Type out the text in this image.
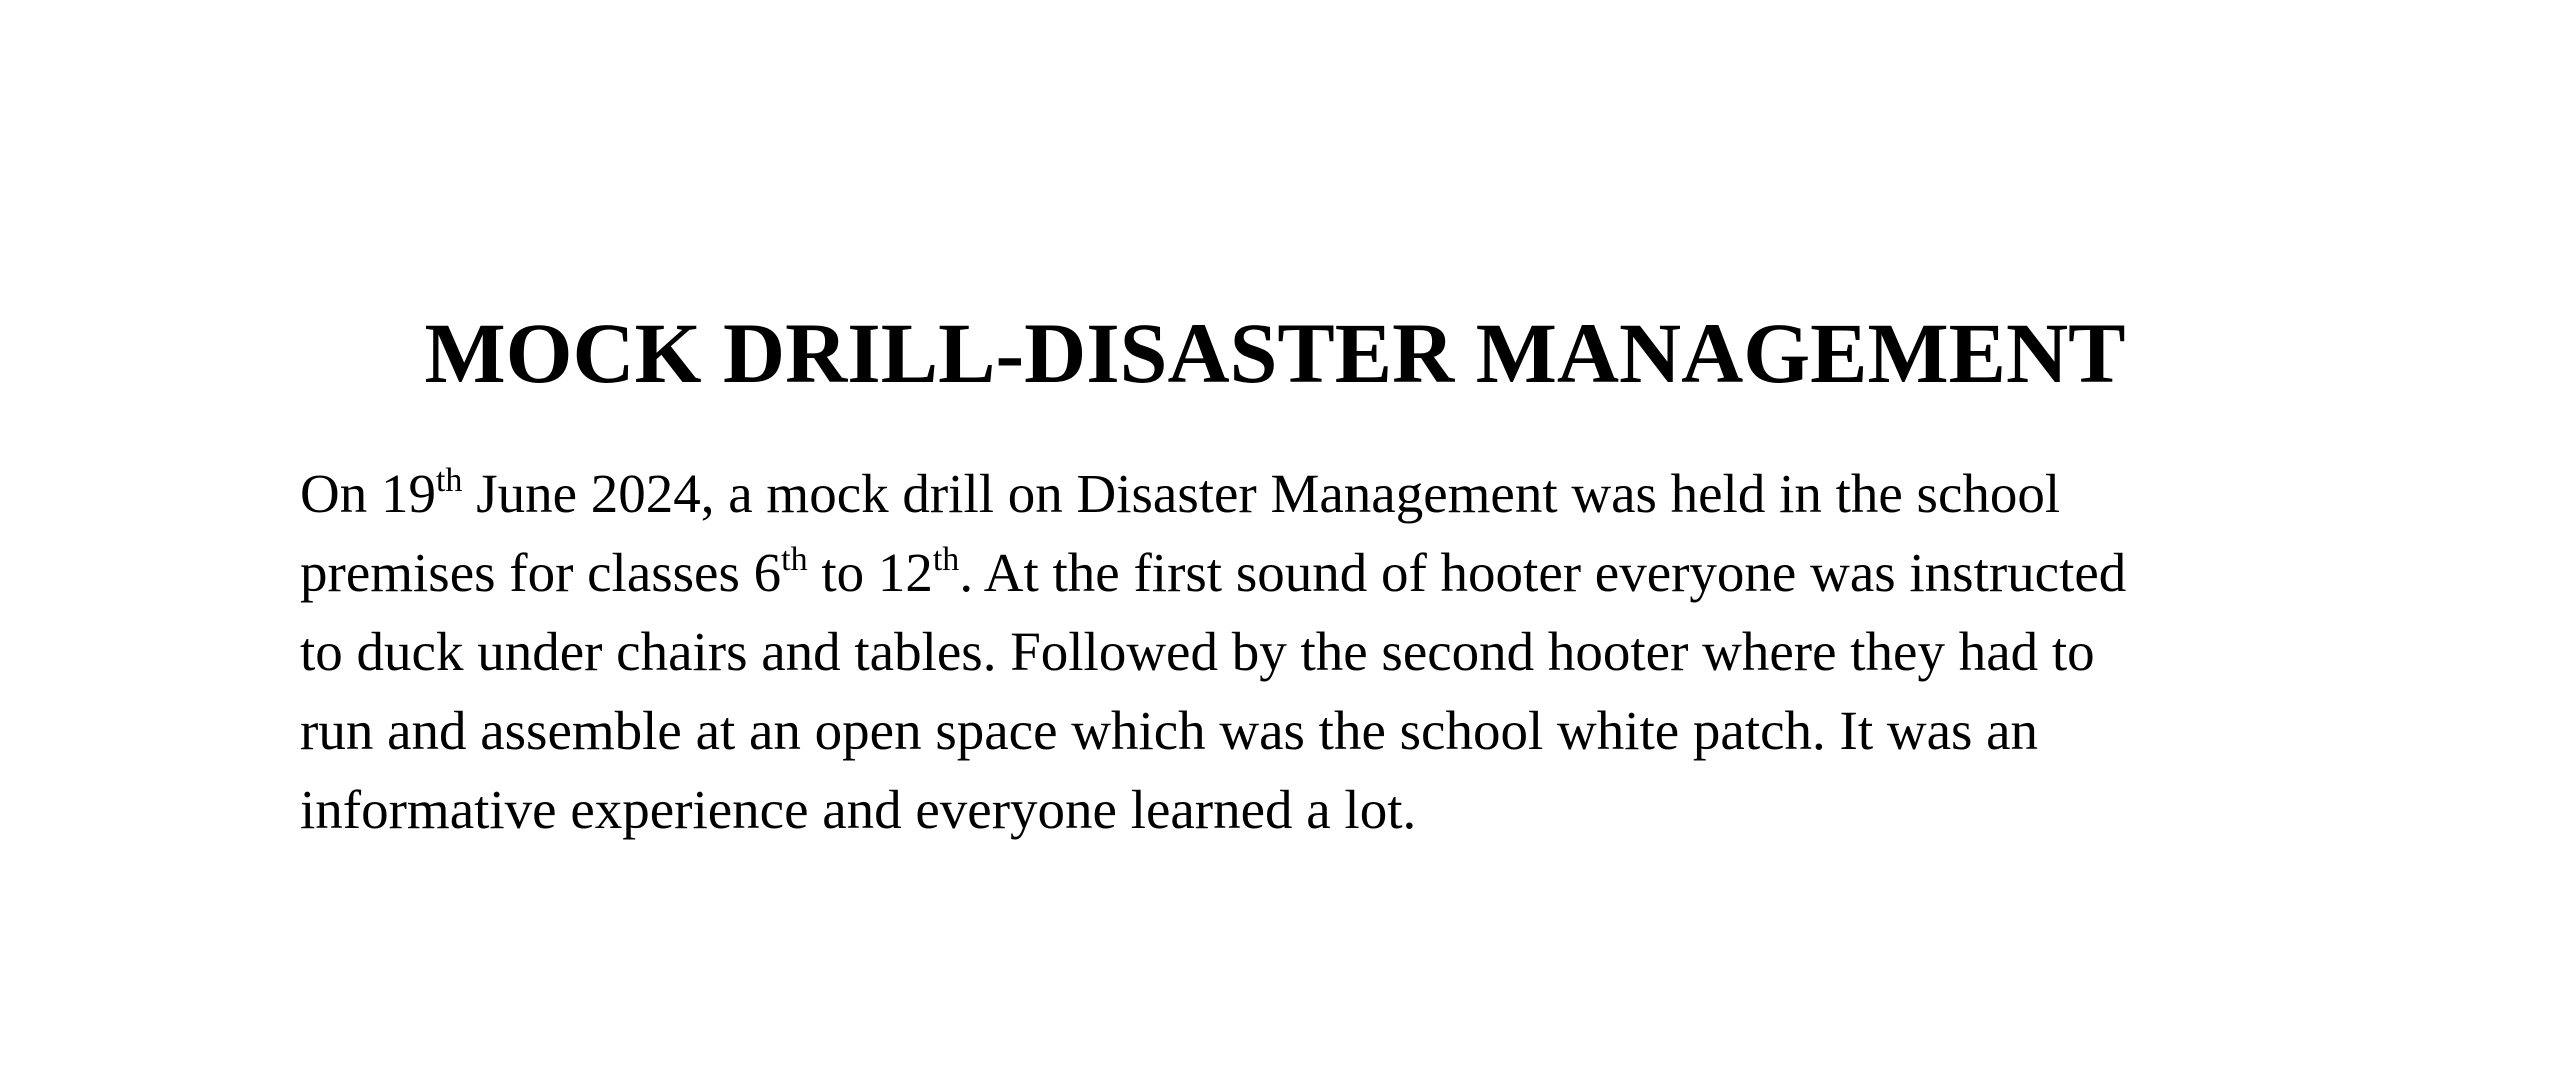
MOCK DRILL-DISASTER MANAGEMENT
On 19th June 2024, a mock drill on Disaster Management was held in the school
premises for classes 6th to 12th. At the first sound of hooter everyone was instructed
to duck under chairs and tables. Followed by the second hooter where they had to
run and assemble at an open space which was the school white patch. It was an
informative experience and everyone learned a lot.
